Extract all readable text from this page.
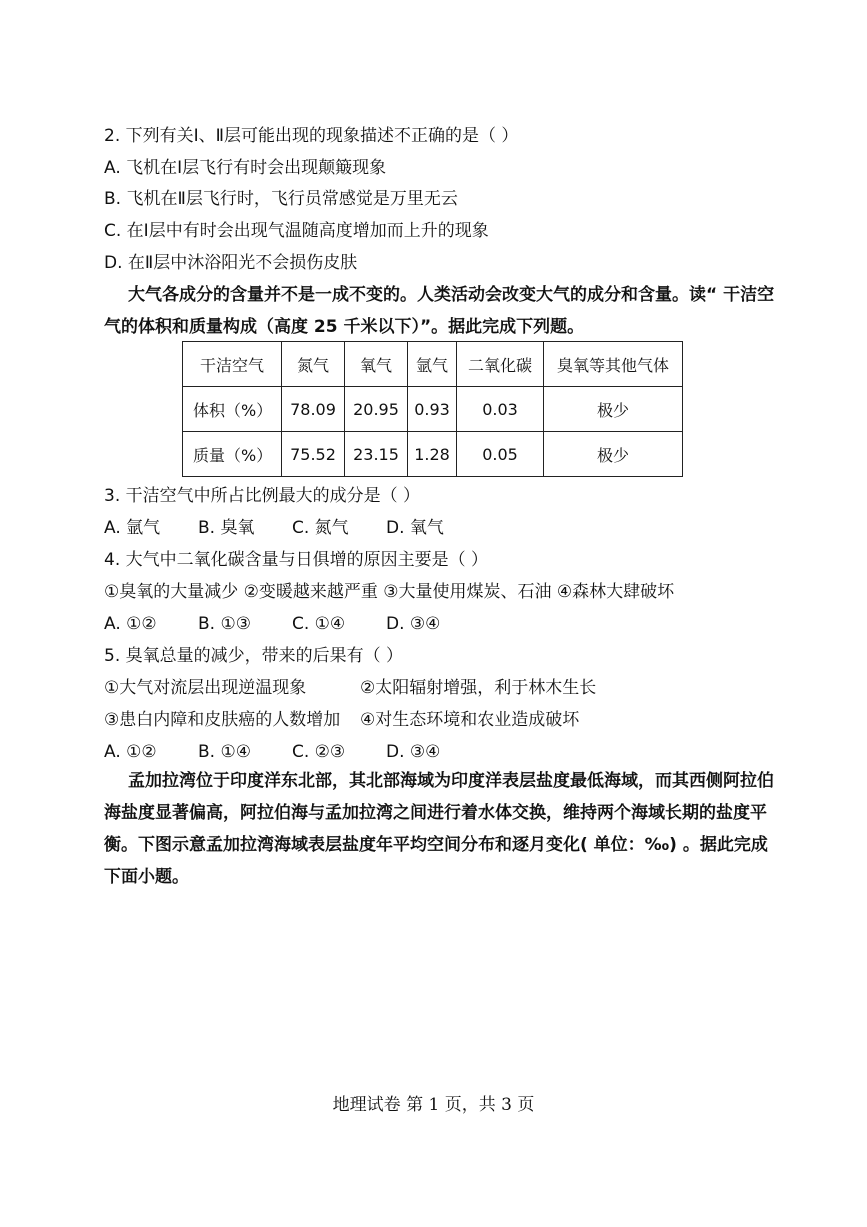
2. 下列有关Ⅰ、Ⅱ层可能出现的现象描述不正确的是（ ）
A. 飞机在Ⅰ层飞行有时会出现颠簸现象
B. 飞机在Ⅱ层飞行时，飞行员常感觉是万里无云
C. 在Ⅰ层中有时会出现气温随高度增加而上升的现象
D. 在Ⅱ层中沐浴阳光不会损伤皮肤

大气各成分的含量并不是一成不变的。人类活动会改变大气的成分和含量。读“ 干洁空气的体积和质量构成（高度 25 千米以下）”。据此完成下列题。

干洁空气	氮气	氧气	氩气	二氧化碳	臭氧等其他气体
体积（%）	78.09	20.95	0.93	0.03	极少
质量（%）	75.52	23.15	1.28	0.05	极少
3. 干洁空气中所占比例最大的成分是（ ）
A. 氩气 B. 臭氧 C. 氮气 D. 氧气
4. 大气中二氧化碳含量与日俱增的原因主要是（ ）
①臭氧的大量减少 ②变暖越来越严重 ③大量使用煤炭、石油 ④森林大肆破坏
A. ①② B. ①③ C. ①④ D. ③④
5. 臭氧总量的减少，带来的后果有（ ）
①大气对流层出现逆温现象	②太阳辐射增强，利于林木生长
③患白内障和皮肤癌的人数增加 ④对生态环境和农业造成破坏
A. ①② B. ①④ C. ②③ D. ③④

孟加拉湾位于印度洋东北部，其北部海域为印度洋表层盐度最低海域，而其西侧阿拉伯海盐度显著偏高，阿拉伯海与孟加拉湾之间进行着水体交换，维持两个海域长期的盐度平衡。下图示意孟加拉湾海域表层盐度年平均空间分布和逐月变化( 单位：‰) 。据此完成下面小题。

地理试卷 第 1 页，共 3 页
